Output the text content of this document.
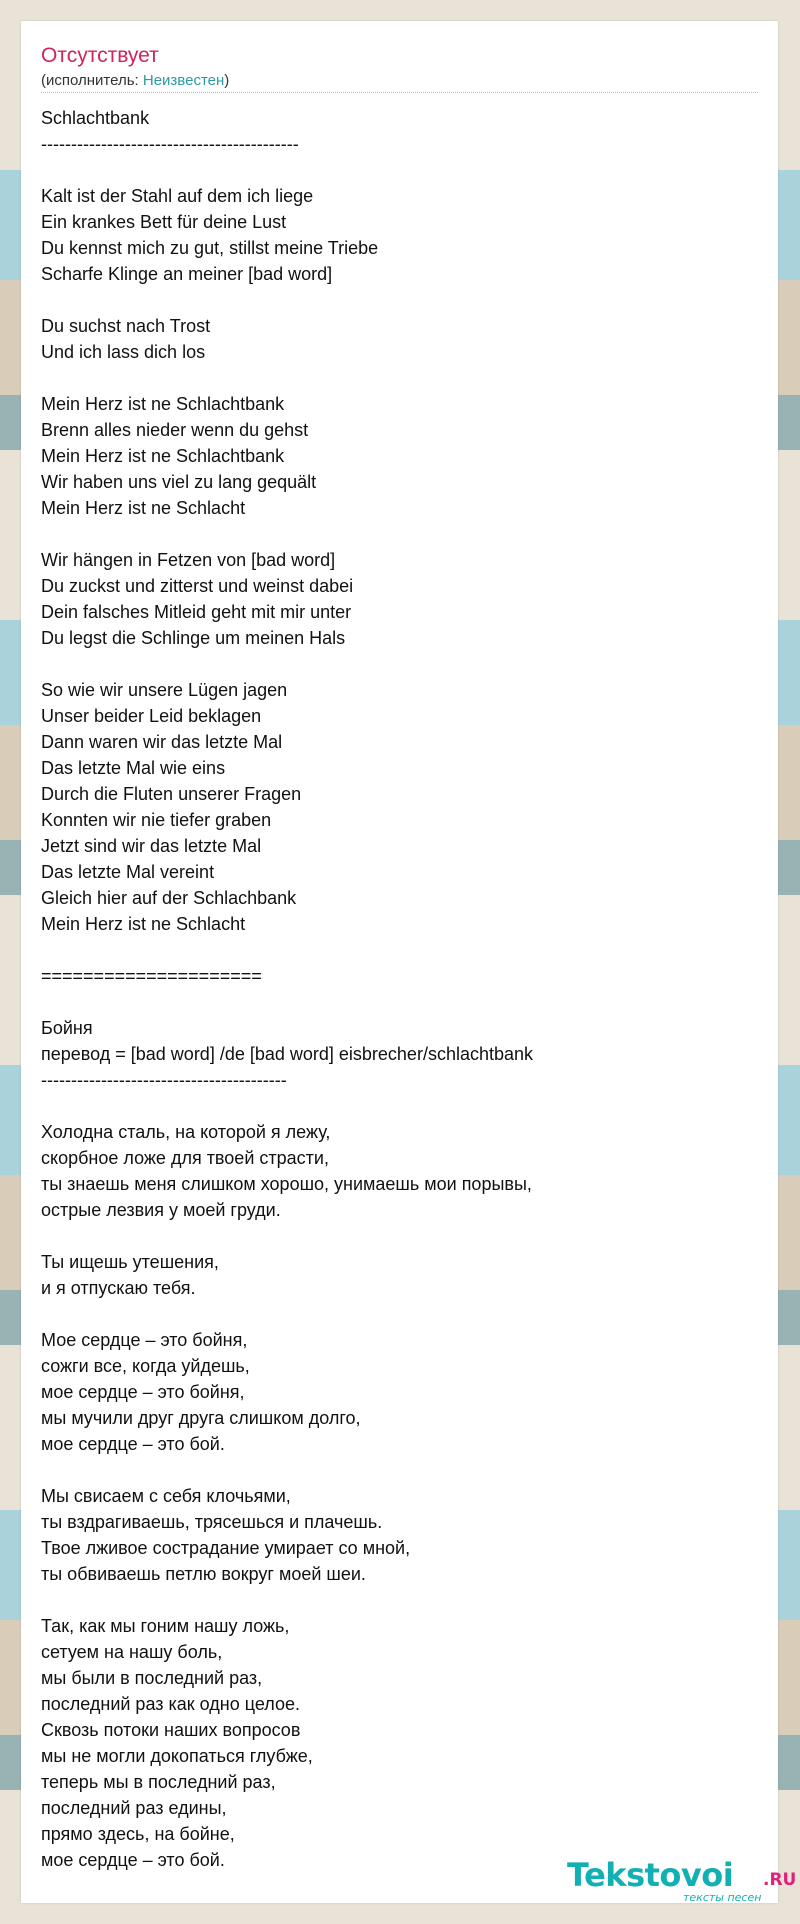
Отсутствует
(исполнитель: Неизвестен)
Schlachtbank
-------------------------------------------

Kalt ist der Stahl auf dem ich liege
Ein krankes Bett für deine Lust
Du kennst mich zu gut, stillst meine Triebe
Scharfe Klinge an meiner [bad word]

Du suchst nach Trost
Und ich lass dich los

Mein Herz ist ne Schlachtbank
Brenn alles nieder wenn du gehst
Mein Herz ist ne Schlachtbank
Wir haben uns viel zu lang gequält
Mein Herz ist ne Schlacht

Wir hängen in Fetzen von [bad word]
Du zuckst und zitterst und weinst dabei
Dein falsches Mitleid geht mit mir unter
Du legst die Schlinge um meinen Hals

So wie wir unsere Lügen jagen
Unser beider Leid beklagen
Dann waren wir das letzte Mal
Das letzte Mal wie eins
Durch die Fluten unserer Fragen
Konnten wir nie tiefer graben
Jetzt sind wir das letzte Mal
Das letzte Mal vereint
Gleich hier auf der Schlachbank
Mein Herz ist ne Schlacht

=====================

Бойня
перевод = [bad word] /de [bad word] eisbrecher/schlachtbank
-----------------------------------------

Холодна сталь, на которой я лежу,
скорбное ложе для твоей страсти,
ты знаешь меня слишком хорошо, унимаешь мои порывы,
острые лезвия у моей груди.

Ты ищешь утешения,
и я отпускаю тебя.

Мое сердце – это бойня,
сожги все, когда уйдешь,
мое сердце – это бойня,
мы мучили друг друга слишком долго,
мое сердце – это бой.

Мы свисаем с себя клочьями,
ты вздрагиваешь, трясешься и плачешь.
Твое лживое сострадание умирает со мной,
ты обвиваешь петлю вокруг моей шеи.

Так, как мы гоним нашу ложь,
сетуем на нашу боль,
мы были в последний раз,
последний раз как одно целое.
Сквозь потоки наших вопросов
мы не могли докопаться глубже,
теперь мы в последний раз,
последний раз едины,
прямо здесь, на бойне,
мое сердце – это бой.	Tekstovoi .RU
тексты песен
